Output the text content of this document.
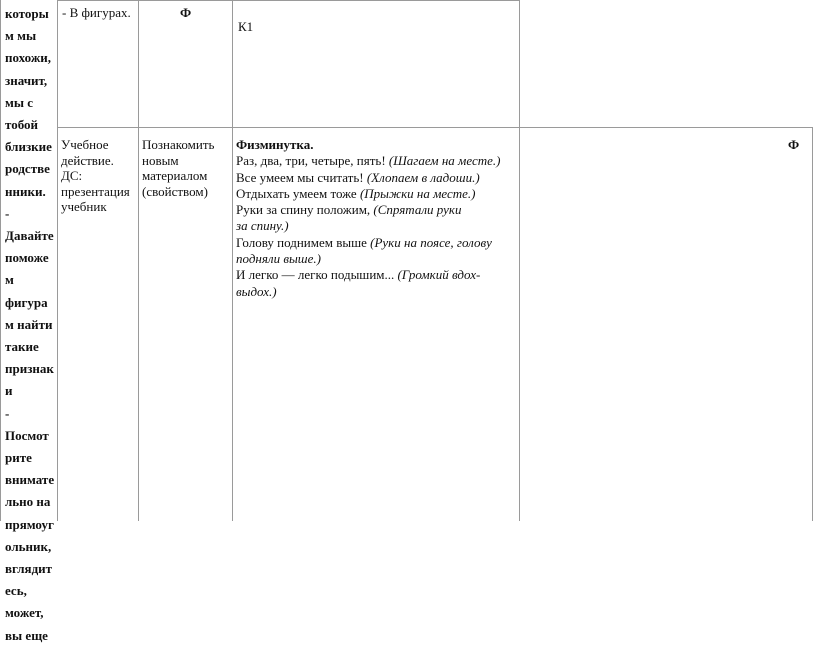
которы
м мы
похожи,
значит,
мы с
тобой
близкие
родстве
нники.
-
Давайте
поможе
м
фигура
м найти
такие
признак
и
-
Посмот
рите
внимате
льно на
прямоуг
ольник,
вглядит
есь,
может,
вы еще
- В фигурах.	Ф
К1
Учебное
действие.
ДС:
презентация
учебник
Познакомить
новым
материалом
(свойством)
Физминутка.
Раз, два, три, четыре, пять! (Шагаем на месте.)
Все умеем мы считать! (Хлопаем в ладоши.)
Отдыхать умеем тоже (Прыжки на месте.)
Руки за спину положим, (Спрятали руки
за спину.)
Голову поднимем выше (Руки на поясе, голову
подняли выше.)
И легко — легко подышим... (Громкий вдох-
выдох.)
Ф
